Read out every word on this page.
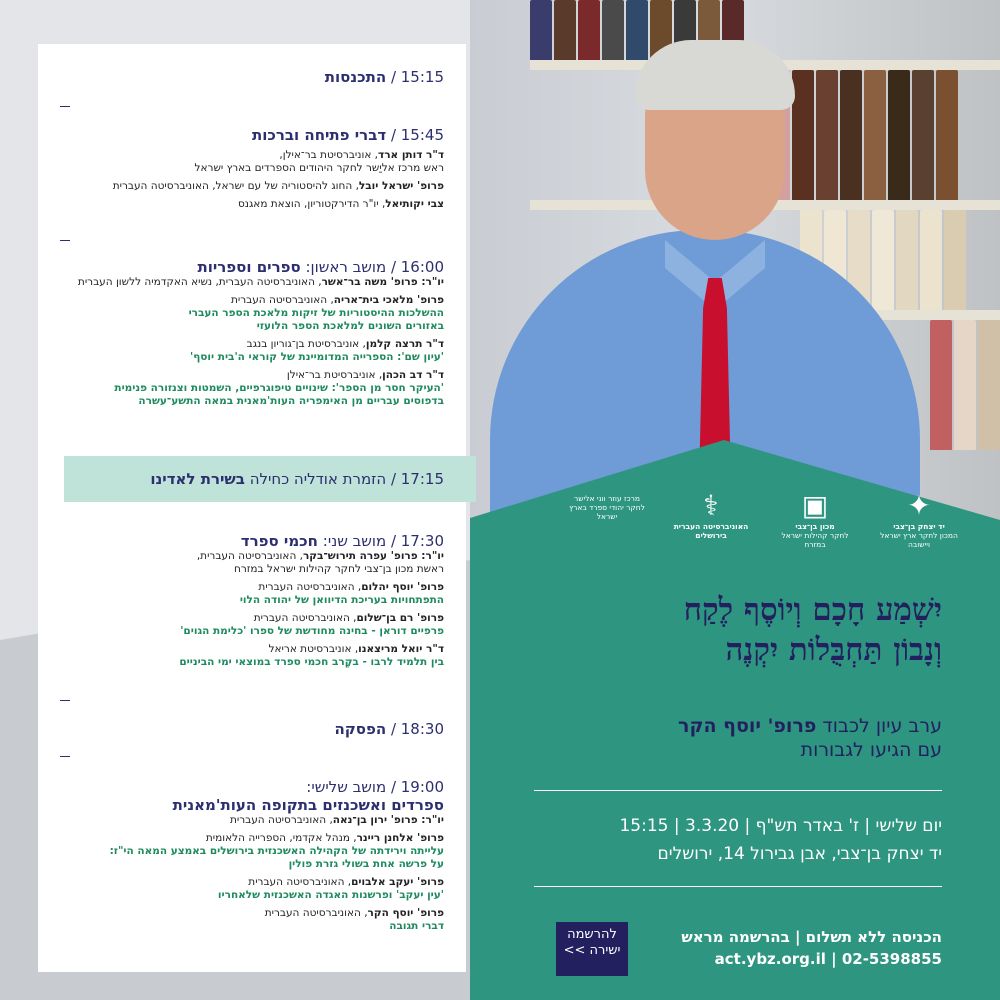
15:15 / התכנסות
15:45 / דברי פתיחה וברכות
ד"ר דותן ארד, אוניברסיטת בר־אילן,
ראש מרכז אליַשר לחקר היהודים הספרדים בארץ ישראל
פרופ' ישראל יובל, החוג להיסטוריה של עם ישראל, האוניברסיטה העברית
צבי יקותיאל, יו"ר הדירקטוריון, הוצאת מאגנס
16:00 / מושב ראשון: ספרים וספריות
יו"ר: פרופ' משה בר־אשר, האוניברסיטה העברית, נשיא האקדמיה ללשון העברית
פרופ' מלאכי בית־אריה, האוניברסיטה העברית
ההשלכות ההיסטוריות של זיקות מלאכת הספר העברי
באזורים השונים למלאכת הספר הלועזי
ד"ר תרצה קלמן, אוניברסיטת בן־גוריון בנגב
'עיון שם': הספרייה המדומיינת של קוראי ה'בית יוסף'
ד"ר דב הכהן, אוניברסיטת בר־אילן
'העיקר חסר מן הספר': שינויים טיפוגרפיים, השמטות וצנזורה פנימית
בדפוסים עבריים מן האימפריה העות'מאנית במאה התשע־עשרה
17:15 / הזמרת אודליה כחילה בשירת לאדינו
17:30 / מושב שני: חכמי ספרד
יו"ר: פרופ' עפרה תירוש־בקר, האוניברסיטה העברית,
ראשת מכון בן־צבי לחקר קהילות ישראל במזרח
פרופ' יוסף יהלום, האוניברסיטה העברית
התפתחויות בעריכת הדיוואן של יהודה הלוי
פרופ' רם בן־שלום, האוניברסיטה העברית
פרפיים דוראן - בחינה מחודשת של ספרו 'כלימת הגוים'
ד"ר יואל מריצאנו, אוניברסיטת אריאל
בין תלמיד לרבו - בקֶרב חכמי ספרד במוצאי ימי הביניים
18:30 / הפסקה
19:00 / מושב שלישי:
ספרדים ואשכנזים בתקופה העות'מאנית
יו"ר: פרופ' ירון בן־נאה, האוניברסיטה העברית
פרופ' אלחנן ריינר, מנהל אקדמי, הספרייה הלאומית
עלייתה וירידתה של הקהילה האשכנזית בירושלים באמצע המאה הי"ז:
על פרשה אחת בשולי גזרת פולין
פרופ' יעקב אלבוים, האוניברסיטה העברית
'עין יעקב' ופרשנות האגדה האשכנזית שלאחריו
פרופ' יוסף הקר, האוניברסיטה העברית
דברי תגובה
✦
יד יצחק בן־צבי
המכון לחקר ארץ ישראל ויישובה
▣
מכון בן־צבי
לחקר קהילות ישראל במזרח
⚕
האוניברסיטה העברית בירושלים
מרכז עוזר ווני אלישר לחקר יהודי ספרד בארץ ישראל
יִשְׁמַע חָכָם וְיוֹסֶף לֶקַח
וְנָבוֹן תַּחְבֻּלוֹת יִקְנֶה
ערב עיון לכבוד פרופ' יוסף הקר
עם הגיעו לגבורות
יום שלישי | ז' באדר תש"ף | 3.3.20 | 15:15
יד יצחק בן־צבי, אבן גבירול 14, ירושלים
הכניסה ללא תשלום | בהרשמה מראש
act.ybz.org.il | 02-5398855
להרשמה
ישירה >>
